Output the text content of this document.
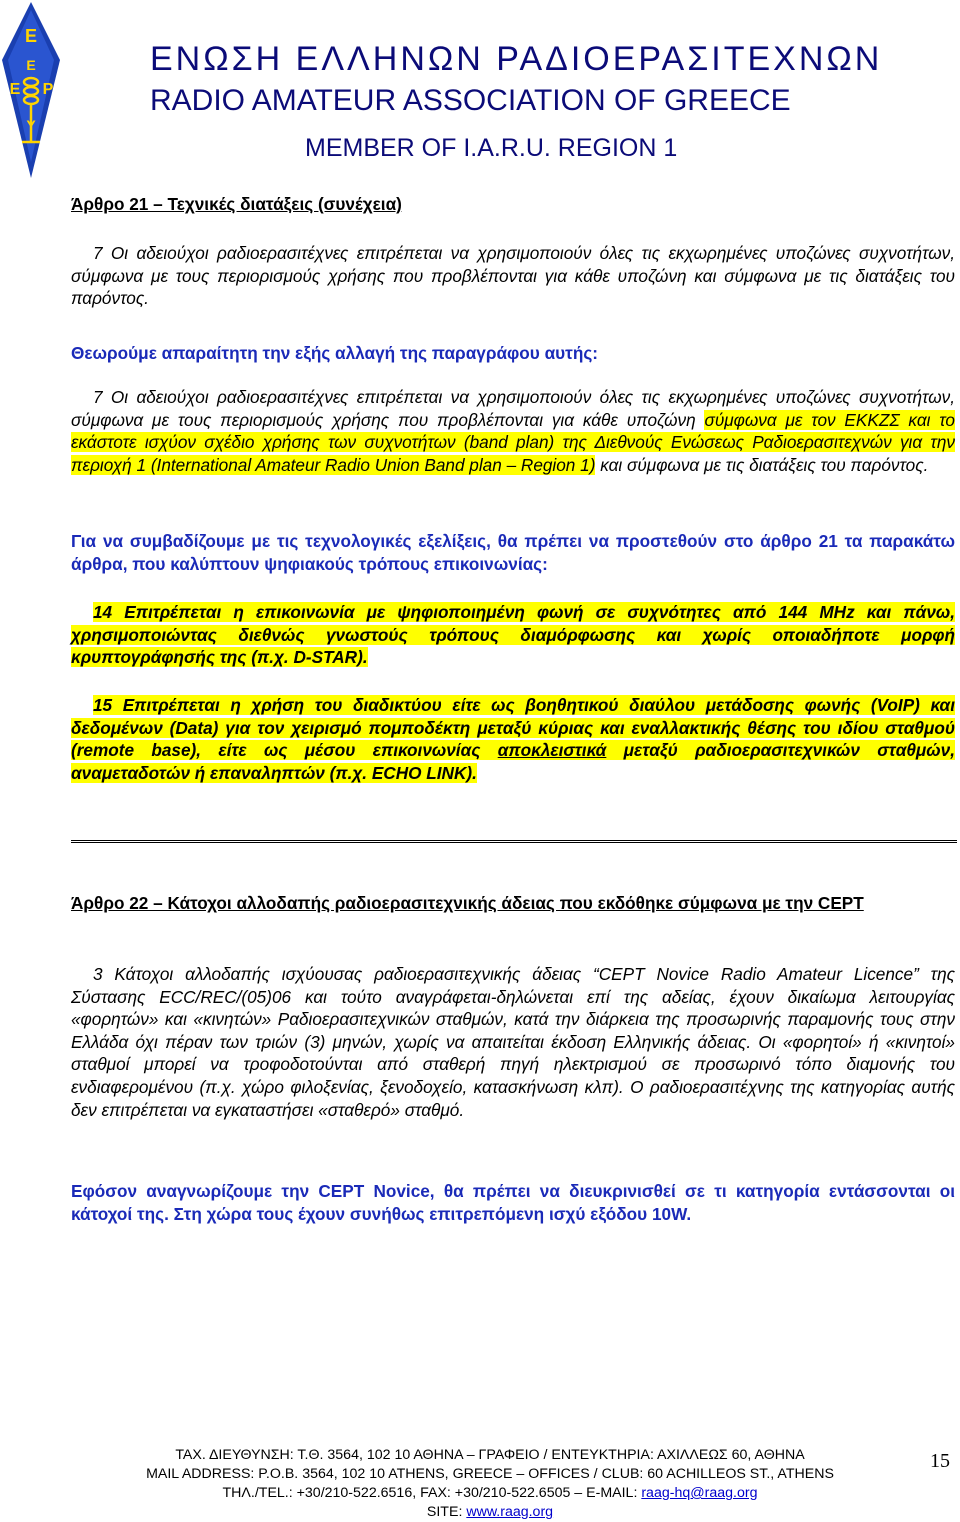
Ε
Ε Ρ
Ε
Υ
ΕΝΩΣΗ ΕΛΛΗΝΩΝ ΡΑΔΙΟΕΡΑΣΙΤΕΧΝΩΝ
RADIO AMATEUR ASSOCIATION OF GREECE
MEMBER OF I.A.R.U. REGION 1
Άρθρο 21 – Τεχνικές διατάξεις (συνέχεια)
7 Οι αδειούχοι ραδιοερασιτέχνες επιτρέπεται να χρησιμοποιούν όλες τις εκχωρημένες υποζώνες συχνοτήτων, σύμφωνα με τους περιορισμούς χρήσης που προβλέπονται για κάθε υποζώνη και σύμφωνα με τις διατάξεις του παρόντος.
Θεωρούμε απαραίτητη την εξής αλλαγή της παραγράφου αυτής:
7 Οι αδειούχοι ραδιοερασιτέχνες επιτρέπεται να χρησιμοποιούν όλες τις εκχωρημένες υποζώνες συχνοτήτων, σύμφωνα με τους περιορισμούς χρήσης που προβλέπονται για κάθε υποζώνη σύμφωνα με τον ΕΚΚΖΣ και το εκάστοτε ισχύον σχέδιο χρήσης των συχνοτήτων (band plan) της Διεθνούς Ενώσεως Ραδιοερασιτεχνών για την περιοχή 1 (International Amateur Radio Union Band plan – Region 1) και σύμφωνα με τις διατάξεις του παρόντος.
Για να συμβαδίζουμε με τις τεχνολογικές εξελίξεις, θα πρέπει να προστεθούν στο άρθρο 21 τα παρακάτω άρθρα, που καλύπτουν ψηφιακούς τρόπους επικοινωνίας:
14 Επιτρέπεται η επικοινωνία με ψηφιοποιημένη φωνή σε συχνότητες από 144 MHz και πάνω, χρησιμοποιώντας διεθνώς γνωστούς τρόπους διαμόρφωσης και χωρίς οποιαδήποτε μορφή κρυπτογράφησής της (π.χ. D-STAR).
15 Επιτρέπεται η χρήση του διαδικτύου είτε ως βοηθητικού διαύλου μετάδοσης φωνής (VoIP) και δεδομένων (Data) για τον χειρισμό πομποδέκτη μεταξύ κύριας και εναλλακτικής θέσης του ιδίου σταθμού (remote base), είτε ως μέσου επικοινωνίας αποκλειστικά μεταξύ ραδιοερασιτεχνικών σταθμών, αναμεταδοτών ή επαναληπτών (π.χ. ECHO LINK).
Άρθρο 22 – Κάτοχοι αλλοδαπής ραδιοερασιτεχνικής άδειας που εκδόθηκε σύμφωνα με την CEPT
3 Κάτοχοι αλλοδαπής ισχύουσας ραδιοερασιτεχνικής άδειας “CEPT Novice Radio Amateur Licence” της Σύστασης ECC/REC/(05)06 και τούτο αναγράφεται-δηλώνεται επί της αδείας, έχουν δικαίωμα λειτουργίας «φορητών» και «κινητών» Ραδιοερασιτεχνικών σταθμών, κατά την διάρκεια της προσωρινής παραμονής τους στην Ελλάδα όχι πέραν των τριών (3) μηνών, χωρίς να απαιτείται έκδοση Ελληνικής άδειας. Οι «φορητοί» ή «κινητοί» σταθμοί μπορεί να τροφοδοτούνται από σταθερή πηγή ηλεκτρισμού σε προσωρινό τόπο διαμονής του ενδιαφερομένου (π.χ. χώρο φιλοξενίας, ξενοδοχείο, κατασκήνωση κλπ). Ο ραδιοερασιτέχνης της κατηγορίας αυτής δεν επιτρέπεται να εγκαταστήσει «σταθερό» σταθμό.
Εφόσον αναγνωρίζουμε την CEPT Novice, θα πρέπει να διευκρινισθεί σε τι κατηγορία εντάσσονται οι κάτοχοί της. Στη χώρα τους έχουν συνήθως επιτρεπόμενη ισχύ εξόδου 10W.
ΤΑΧ. ΔΙΕΥΘΥΝΣΗ: Τ.Θ. 3564, 102 10 ΑΘΗΝΑ – ΓΡΑΦΕΙΟ / ΕΝΤΕΥΚΤΗΡΙΑ: ΑΧΙΛΛΕΩΣ 60, ΑΘΗΝΑ
MAIL ADDRESS: P.O.B. 3564, 102 10 ATHENS, GREECE – OFFICES / CLUB: 60 ACHILLEOS ST., ATHENS
ΤΗΛ./TEL.: +30/210-522.6516, FAX: +30/210-522.6505 – E-MAIL: raag-hq@raag.org
SITE: www.raag.org
15
